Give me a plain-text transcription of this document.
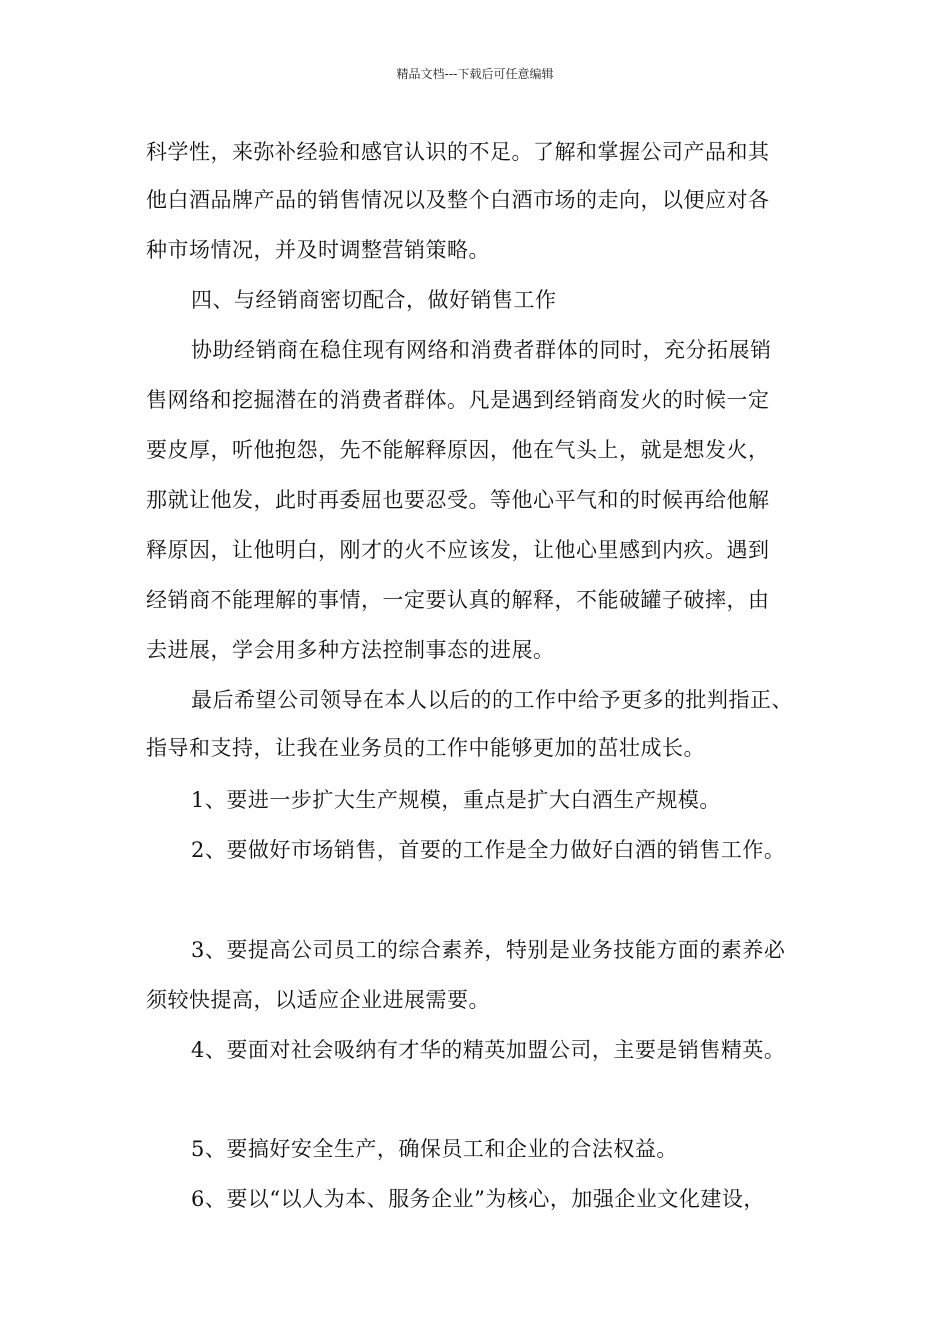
精品文档---下载后可任意编辑
科学性，来弥补经验和感官认识的不足。了解和掌握公司产品和其
他白酒品牌产品的销售情况以及整个白酒市场的走向，以便应对各
种市场情况，并及时调整营销策略。
四、与经销商密切配合，做好销售工作
协助经销商在稳住现有网络和消费者群体的同时，充分拓展销
售网络和挖掘潜在的消费者群体。凡是遇到经销商发火的时候一定
要皮厚，听他抱怨，先不能解释原因，他在气头上，就是想发火，
那就让他发，此时再委屈也要忍受。等他心平气和的时候再给他解
释原因，让他明白，刚才的火不应该发，让他心里感到内疚。遇到
经销商不能理解的事情，一定要认真的解释，不能破罐子破摔，由
去进展，学会用多种方法控制事态的进展。
最后希望公司领导在本人以后的的工作中给予更多的批判指正、
指导和支持，让我在业务员的工作中能够更加的茁壮成长。
1、要进一步扩大生产规模，重点是扩大白酒生产规模。
2、要做好市场销售，首要的工作是全力做好白酒的销售工作。
3、要提高公司员工的综合素养，特别是业务技能方面的素养必
须较快提高，以适应企业进展需要。
4、要面对社会吸纳有才华的精英加盟公司，主要是销售精英。
5、要搞好安全生产，确保员工和企业的合法权益。
6、要以“以人为本、服务企业”为核心，加强企业文化建设，
